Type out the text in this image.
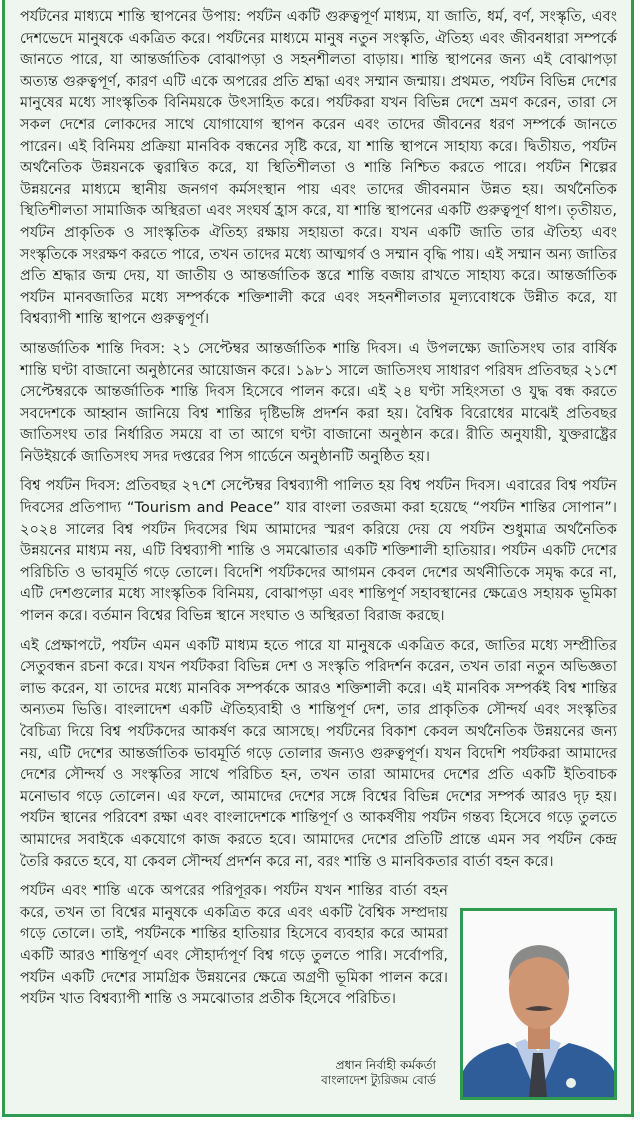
পর্যটনের মাধ্যমে শান্তি স্থাপনের উপায়: পর্যটন একটি গুরুত্বপূর্ণ মাধ্যম, যা জাতি, ধর্ম, বর্ণ, সংস্কৃতি, এবং দেশভেদে মানুষকে একত্রিত করে। পর্যটনের মাধ্যমে মানুষ নতুন সংস্কৃতি, ঐতিহ্য এবং জীবনধারা সম্পর্কে জানতে পারে, যা আন্তর্জাতিক বোঝাপড়া ও সহনশীলতা বাড়ায়। শান্তি স্থাপনের জন্য এই বোঝাপড়া অত্যন্ত গুরুত্বপূর্ণ, কারণ এটি একে অপরের প্রতি শ্রদ্ধা এবং সম্মান জন্মায়। প্রথমত, পর্যটন বিভিন্ন দেশের মানুষের মধ্যে সাংস্কৃতিক বিনিময়কে উৎসাহিত করে। পর্যটকরা যখন বিভিন্ন দেশে ভ্রমণ করেন, তারা সে সকল দেশের লোকদের সাথে যোগাযোগ স্থাপন করেন এবং তাদের জীবনের ধরণ সম্পর্কে জানতে পারেন। এই বিনিময় প্রক্রিয়া মানবিক বন্ধনের সৃষ্টি করে, যা শান্তি স্থাপনে সাহায্য করে। দ্বিতীয়ত, পর্যটন অর্থনৈতিক উন্নয়নকে ত্বরান্বিত করে, যা স্থিতিশীলতা ও শান্তি নিশ্চিত করতে পারে। পর্যটন শিল্পের উন্নয়নের মাধ্যমে স্থানীয় জনগণ কর্মসংস্থান পায় এবং তাদের জীবনমান উন্নত হয়। অর্থনৈতিক স্থিতিশীলতা সামাজিক অস্থিরতা এবং সংঘর্ষ হ্রাস করে, যা শান্তি স্থাপনের একটি গুরুত্বপূর্ণ ধাপ। তৃতীয়ত, পর্যটন প্রাকৃতিক ও সাংস্কৃতিক ঐতিহ্য রক্ষায় সহায়তা করে। যখন একটি জাতি তার ঐতিহ্য এবং সংস্কৃতিকে সংরক্ষণ করতে পারে, তখন তাদের মধ্যে আত্মগর্ব ও সম্মান বৃদ্ধি পায়। এই সম্মান অন্য জাতির প্রতি শ্রদ্ধার জন্ম দেয়, যা জাতীয় ও আন্তর্জাতিক স্তরে শান্তি বজায় রাখতে সাহায্য করে। আন্তর্জাতিক পর্যটন মানবজাতির মধ্যে সম্পর্ককে শক্তিশালী করে এবং সহনশীলতার মূল্যবোধকে উন্নীত করে, যা বিশ্বব্যাপী শান্তি স্থাপনে গুরুত্বপূর্ণ।

আন্তর্জাতিক শান্তি দিবস: ২১ সেপ্টেম্বর আন্তর্জাতিক শান্তি দিবস। এ উপলক্ষ্যে জাতিসংঘ তার বার্ষিক শান্তি ঘণ্টা বাজানো অনুষ্ঠানের আয়োজন করে। ১৯৮১ সালে জাতিসংঘ সাধারণ পরিষদ প্রতিবছর ২১শে সেপ্টেম্বরকে আন্তর্জাতিক শান্তি দিবস হিসেবে পালন করে। এই ২৪ ঘণ্টা সহিংসতা ও যুদ্ধ বন্ধ করতে সবদেশকে আহ্বান জানিয়ে বিশ্ব শান্তির দৃষ্টিভঙ্গি প্রদর্শন করা হয়। বৈশ্বিক বিরোধের মাঝেই প্রতিবছর জাতিসংঘ তার নির্ধারিত সময়ে বা তা আগে ঘণ্টা বাজানো অনুষ্ঠান করে। রীতি অনুযায়ী, যুক্তরাষ্ট্রের নিউইয়র্কে জাতিসংঘ সদর দপ্তরের পিস গার্ডেনে অনুষ্ঠানটি অনুষ্ঠিত হয়।

বিশ্ব পর্যটন দিবস: প্রতিবছর ২৭শে সেপ্টেম্বর বিশ্বব্যাপী পালিত হয় বিশ্ব পর্যটন দিবস। এবারের বিশ্ব পর্যটন দিবসের প্রতিপাদ্য “Tourism and Peace” যার বাংলা তরজমা করা হয়েছে “পর্যটন শান্তির সোপান”। ২০২৪ সালের বিশ্ব পর্যটন দিবসের থিম আমাদের স্মরণ করিয়ে দেয় যে পর্যটন শুধুমাত্র অর্থনৈতিক উন্নয়নের মাধ্যম নয়, এটি বিশ্বব্যাপী শান্তি ও সমঝোতার একটি শক্তিশালী হাতিয়ার। পর্যটন একটি দেশের পরিচিতি ও ভাবমূর্তি গড়ে তোলে। বিদেশি পর্যটকদের আগমন কেবল দেশের অর্থনীতিকে সমৃদ্ধ করে না, এটি দেশগুলোর মধ্যে সাংস্কৃতিক বিনিময়, বোঝাপড়া এবং শান্তিপূর্ণ সহাবস্থানের ক্ষেত্রেও সহায়ক ভূমিকা পালন করে। বর্তমান বিশ্বের বিভিন্ন স্থানে সংঘাত ও অস্থিরতা বিরাজ করছে।

এই প্রেক্ষাপটে, পর্যটন এমন একটি মাধ্যম হতে পারে যা মানুষকে একত্রিত করে, জাতির মধ্যে সম্প্রীতির সেতুবন্ধন রচনা করে। যখন পর্যটকরা বিভিন্ন দেশ ও সংস্কৃতি পরিদর্শন করেন, তখন তারা নতুন অভিজ্ঞতা লাভ করেন, যা তাদের মধ্যে মানবিক সম্পর্ককে আরও শক্তিশালী করে। এই মানবিক সম্পর্কই বিশ্ব শান্তির অন্যতম ভিত্তি। বাংলাদেশ একটি ঐতিহ্যবাহী ও শান্তিপূর্ণ দেশ, তার প্রাকৃতিক সৌন্দর্য এবং সংস্কৃতির বৈচিত্র্য দিয়ে বিশ্ব পর্যটকদের আকর্ষণ করে আসছে। পর্যটনের বিকাশ কেবল অর্থনৈতিক উন্নয়নের জন্য নয়, এটি দেশের আন্তর্জাতিক ভাবমূর্তি গড়ে তোলার জন্যও গুরুত্বপূর্ণ। যখন বিদেশি পর্যটকরা আমাদের দেশের সৌন্দর্য ও সংস্কৃতির সাথে পরিচিত হন, তখন তারা আমাদের দেশের প্রতি একটি ইতিবাচক মনোভাব গড়ে তোলেন। এর ফলে, আমাদের দেশের সঙ্গে বিশ্বের বিভিন্ন দেশের সম্পর্ক আরও দৃঢ় হয়। পর্যটন স্থানের পরিবেশ রক্ষা এবং বাংলাদেশকে শান্তিপূর্ণ ও আকর্ষণীয় পর্যটন গন্তব্য হিসেবে গড়ে তুলতে আমাদের সবাইকে একযোগে কাজ করতে হবে। আমাদের দেশের প্রতিটি প্রান্তে এমন সব পর্যটন কেন্দ্র তৈরি করতে হবে, যা কেবল সৌন্দর্য প্রদর্শন করে না, বরং শান্তি ও মানবিকতার বার্তা বহন করে।

পর্যটন এবং শান্তি একে অপরের পরিপূরক। পর্যটন যখন শান্তির বার্তা বহন করে, তখন তা বিশ্বের মানুষকে একত্রিত করে এবং একটি বৈশ্বিক সম্প্রদায় গড়ে তোলে। তাই, পর্যটনকে শান্তির হাতিয়ার হিসেবে ব্যবহার করে আমরা একটি আরও শান্তিপূর্ণ এবং সৌহার্দ্যপূর্ণ বিশ্ব গড়ে তুলতে পারি। সর্বোপরি, পর্যটন একটি দেশের সামগ্রিক উন্নয়নের ক্ষেত্রে অগ্রণী ভূমিকা পালন করে। পর্যটন খাত বিশ্বব্যাপী শান্তি ও সমঝোতার প্রতীক হিসেবে পরিচিত।

প্রধান নির্বাহী কর্মকর্তা
বাংলাদেশ ট্যুরিজম বোর্ড
